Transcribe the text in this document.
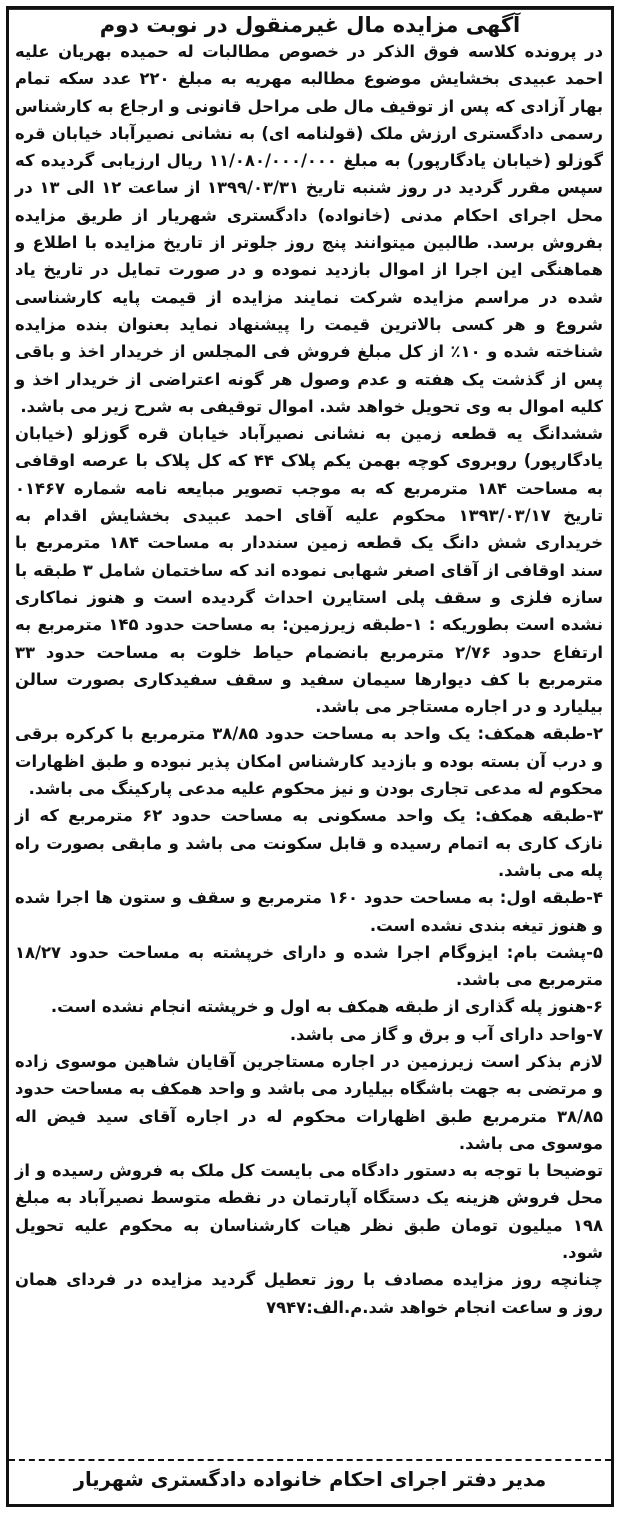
آگهی مزایده مال غیرمنقول در نوبت دوم

در پرونده کلاسه فوق الذکر در خصوص مطالبات له حمیده بهریان علیه احمد عبیدی بخشایش موضوع مطالبه مهریه به مبلغ ۲۲۰ عدد سکه تمام بهار آزادی که پس از توقیف مال طی مراحل قانونی و ارجاع به کارشناس رسمی دادگستری ارزش ملک (قولنامه ای) به نشانی نصیرآباد خیابان قره گوزلو (خیابان یادگارپور) به مبلغ ۱۱/۰۸۰/۰۰۰/۰۰۰ ریال ارزیابی گردیده که سپس مقرر گردید در روز شنبه تاریخ ۱۳۹۹/۰۳/۳۱ از ساعت ۱۲ الی ۱۳ در محل اجرای احکام مدنی (خانواده) دادگستری شهریار از طریق مزایده بفروش برسد. طالبین میتوانند پنج روز جلوتر از تاریخ مزایده با اطلاع و هماهنگی این اجرا از اموال بازدید نموده و در صورت تمایل در تاریخ یاد شده در مراسم مزایده شرکت نمایند مزایده از قیمت پایه کارشناسی شروع و هر کسی بالاترین قیمت را پیشنهاد نماید بعنوان بنده مزایده شناخته شده و ۱۰٪ از کل مبلغ فروش فی المجلس از خریدار اخذ و باقی پس از گذشت یک هفته و عدم وصول هر گونه اعتراضی از خریدار اخذ و کلیه اموال به وی تحویل خواهد شد. اموال توقیفی به شرح زیر می باشد.

ششدانگ یه قطعه زمین به نشانی نصیرآباد خیابان قره گوزلو (خیابان یادگارپور) روبروی کوچه بهمن یکم پلاک ۴۴ که کل پلاک با عرصه اوقافی به مساحت ۱۸۴ مترمربع که به موجب تصویر مبایعه نامه شماره ۰۱۴۶۷ تاریخ ۱۳۹۳/۰۳/۱۷ محکوم علیه آقای احمد عبیدی بخشایش اقدام به خریداری شش دانگ یک قطعه زمین سنددار به مساحت ۱۸۴ مترمربع با سند اوقافی از آقای اصغر شهابی نموده اند که ساختمان شامل ۳ طبقه با سازه فلزی و سقف پلی استایرن احداث گردیده است و هنوز نماکاری نشده است بطوریکه : ۱-طبقه زیرزمین: به مساحت حدود ۱۴۵ مترمربع به ارتفاع حدود ۲/۷۶ مترمربع بانضمام حیاط خلوت به مساحت حدود ۳۳ مترمربع با کف دیوارها سیمان سفید و سقف سفیدکاری بصورت سالن بیلیارد و در اجاره مستاجر می باشد.

۲-طبقه همکف: یک واحد به مساحت حدود ۳۸/۸۵ مترمربع با کرکره برقی و درب آن بسته بوده و بازدید کارشناس امکان پذیر نبوده و طبق اظهارات محکوم له مدعی تجاری بودن و نیز محکوم علیه مدعی پارکینگ می باشد.

۳-طبقه همکف: یک واحد مسکونی به مساحت حدود ۶۲ مترمربع که از نازک کاری به اتمام رسیده و قابل سکونت می باشد و مابقی بصورت راه پله می باشد.

۴-طبقه اول: به مساحت حدود ۱۶۰ مترمربع و سقف و ستون ها اجرا شده و هنوز تیغه بندی نشده است.

۵-پشت بام: ایزوگام اجرا شده و دارای خرپشته به مساحت حدود ۱۸/۲۷ مترمربع می باشد.

۶-هنوز پله گذاری از طبقه همکف به اول و خرپشته انجام نشده است.

۷-واحد دارای آب و برق و گاز می باشد.

لازم بذکر است زیرزمین در اجاره مستاجرین آقایان شاهین موسوی زاده و مرتضی به جهت باشگاه بیلیارد می باشد و واحد همکف به مساحت حدود ۳۸/۸۵ مترمربع طبق اظهارات محکوم له در اجاره آقای سید فیض اله موسوی می باشد.

توضیحا با توجه به دستور دادگاه می بایست کل ملک به فروش رسیده و از محل فروش هزینه یک دستگاه آپارتمان در نقطه متوسط نصیرآباد به مبلغ ۱۹۸ میلیون تومان طبق نظر هیات کارشناسان به محکوم علیه تحویل شود.

چنانچه روز مزایده مصادف با روز تعطیل گردید مزایده در فردای همان روز و ساعت انجام خواهد شد.م.الف:۷۹۴۷

مدیر دفتر اجرای احکام خانواده دادگستری شهریار
